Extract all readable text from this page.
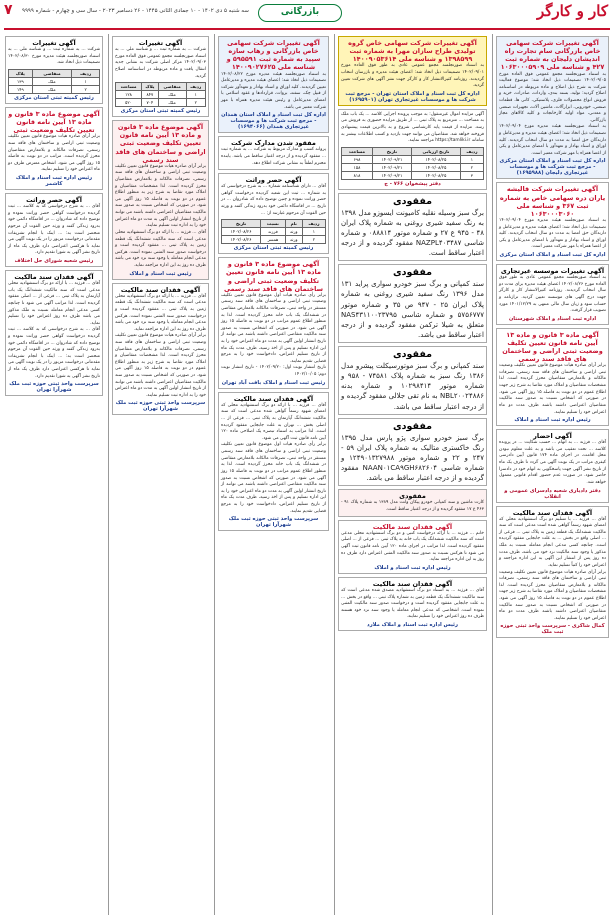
کار و کارگر
بازرگانی
۷ سه شنبه ۵ دی ۱۴۰۲ - ۱۰ جمادی الثانی ۱۴۴۵ - ۲۶ دسامبر ۲۰۲۳ - سال سی و چهارم - شماره ۹۹۹۹
آگهی تغییرات شرکت سهامی خاص بازرگانی سام تجارت راه اندیشان دلیجان به شماره ثبت ۴۲۷ و شناسه ملی ۱۰۶۳۰۰۰۵۹۰۹
به استناد صورتجلسه مجمع عمومی فوق العاده مورخ ۱۴۰۲/۰۹/۰۵ تصمیمات ذیل اتخاذ شد: موضوع فعالیت شرکت به شرح ذیل اصلاح و ماده مربوطه در اساسنامه اصلاح گردید: تولید، بسته بندی، واردات، صادرات، خرید و فروش انواع محصولات فلزی، پلاستیکی، کانی ها، قطعات صنعتی، خودرویی، ابزارآلات، ماشین آلات، تجهیزات صنعتی و معدنی، مواد اولیه کارخانجات و کلیه کالاهای مجاز بازرگانی.
به استناد صورتجلسه هیئت مدیره مورخ ۱۴۰۲/۰۹/۰۴ تصمیمات ذیل اتخاذ شد: اعضای هیئت مدیره و مدیرعامل و دارندگان حق امضا به مدت دو سال انتخاب گردیدند. کلیه اوراق و اسناد بهادار و تعهدآور با امضای مدیرعامل و یکی از اعضا همراه با مهر شرکت معتبر است.
اداره کل ثبت اسناد و املاک استان مرکزی - مرجع ثبت شرکت ها و موسسات غیرتجاری دلیجان (۱۶۹۵۹۸۸)
آگهی تغییرات شرکت قالیشه یاران دره سهامی خاص به شماره ثبت ۳۶۷ و شناسه ملی ۱۰۶۳۰۰۰۳۰۶۰
به استناد صورتجلسه هیئت مدیره مورخ ۱۴۰۲/۰۹/۰۴ تصمیمات ذیل اتخاذ شد: اعضای هیئت مدیره و مدیرعامل و دارندگان حق امضا به مدت دو سال انتخاب گردیدند. کلیه اوراق و اسناد بهادار و تعهدآور با امضای مدیرعامل و یکی از اعضا همراه با مهر شرکت معتبر است.
اداره کل ثبت اسناد و املاک استان مرکزی
آگهی تغییرات موسسه غیرتجاری
به استناد صورتجلسه مجمع عمومی عادی به طور فوق العاده مورخ ۱۴۰۲/۰۸/۲۶ اعضای هیئت مدیره برای مدت دو سال انتخاب گردیدند. روزنامه کثیرالانتشار کار و کارگر جهت درج آگهی های موسسه تعیین گردید. ترازنامه و حساب سود و زیان سال مالی منتهی به ۱۴۰۱/۱۲/۲۹ مورد تصویب قرار گرفت.
اداره ثبت اسناد و املاک شهرستان
آگهی ماده ۳ قانون و ماده ۱۳ آیین نامه قانون تعیین تکلیف وضعیت ثبتی اراضی و ساختمان های فاقد سند رسمی
برابر آرای صادره هیات موضوع قانون تعیین تکلیف وضعیت ثبتی اراضی و ساختمان های فاقد سند رسمی، تصرفات مالکانه و بلامعارض متقاضیان محرز گردیده است. لذا مشخصات متقاضیان و املاک مورد تقاضا به شرح زیر جهت اطلاع عموم در دو نوبت به فاصله ۱۵ روز آگهی می شود. در صورتی که اشخاص نسبت به صدور سند مالکیت متقاضیان اعتراضی داشته باشند ظرف مدت دو ماه اعتراض خود را تسلیم نمایند.
رئیس اداره ثبت اسناد و املاک
آگهی احضار
آقای ... فرزند ... به اتهام ... حسب شکایت ... در پرونده کلاسه ... تحت تعقیب می باشد و به علت معلوم نبودن محل اقامت، در اجرای ماده ۱۷۴ قانون آیین دادرسی کیفری مراتب در یک نوبت آگهی می گردد تا ظرف یک ماه از تاریخ نشر آگهی جهت پاسخگویی به اتهام خود در دادسرا حاضر شود. در صورت عدم حضور اقدام قانونی معمول خواهد شد.
دفتر دادیاری شعبه دادسرای عمومی و انقلاب
آگهی فقدان سند مالکیت
آقای ... فرزند ... با تسلیم دو برگ استشهادیه محلی که امضای شهود رسماً گواهی شده است مدعی است که سند مالکیت ششدانگ یک قطعه زمین به پلاک ثبتی ... فرعی از ... اصلی واقع در بخش ... به علت جابجایی مفقود گردیده است. چنانچه کسی مدعی انجام معامله نسبت به ملک مذکور یا وجود سند مالکیت نزد خود می باشد، ظرف مدت ده روز پس از انتشار این آگهی به این اداره مراجعه و اعتراض خود را کتباً تسلیم نماید.
برابر آرای صادره هیات موضوع قانون تعیین تکلیف وضعیت ثبتی اراضی و ساختمان های فاقد سند رسمی، تصرفات مالکانه و بلامعارض متقاضیان محرز گردیده است. لذا مشخصات متقاضیان و املاک مورد تقاضا به شرح زیر جهت اطلاع عموم در دو نوبت به فاصله ۱۵ روز آگهی می شود. در صورتی که اشخاص نسبت به صدور سند مالکیت متقاضیان اعتراضی داشته باشند ظرف مدت دو ماه اعتراض خود را تسلیم نمایند.
کمال شاکری - سرپرست واحد ثبتی حوزه ثبت ملک
آگهی تغییرات شرکت سهامی خاص گروه تولیدی طراح سازان مهرا به شماره ثبت ۱۳۹۸۵۹۹ و شناسه ملی ۱۴۰۰۹۰۵۳۶۱۴
به استناد صورتجلسه مجمع عمومی عادی به طور فوق العاده مورخ ۱۴۰۲/۰۹/۰۱ تصمیمات ذیل اتخاذ شد: اعضای هیئت مدیره و بازرسان انتخاب گردیدند. روزنامه کثیرالانتشار کار و کارگر جهت نشر آگهی های شرکت تعیین گردید.
اداره کل ثبت اسناد و املاک استان تهران - مرجع ثبت شرکت ها و موسسات غیرتجاری تهران (۱۶۹۵۹۰۱)
آگهی مزایده اموال غیرمنقول: به موجب پرونده اجرایی کلاسه ... یک باب ملک به مساحت ... مترمربع به پلاک ثبتی ... از طریق مزایده حضوری به فروش می رسد. مزایده از قیمت پایه کارشناسی شروع و به بالاترین قیمت پیشنهادی فروخته خواهد شد. متقاضیان می توانند جهت بازدید و کسب اطلاعات بیشتر به سامانه https://tamliki.ir مراجعه نمایند.
ردیف	تاریخ ارزیابی	تاریخ	مساحت
۱	۱۴۰۲/۰۸/۲۵	۱۴۰۲/۰۹/۲۱	۶۹۸
۲	۱۴۰۲/۰۸/۲۵	۱۴۰۲/۰۹/۲۱	۱۵۸
۳	۱۴۰۲/۰۸/۲۵	۱۴۰۲/۰۹/۲۱	۸۱۸
دفتر پیشخوان ۷۶۶ - ج
مفقودی
برگ سبز وسیله نقلیه کامیونت ایسوزو مدل ۱۳۹۸ به رنگ سفید شیری روغنی به شماره پلاک ایران ۴۸ - ۹۴۵ ع ۲۷ و شماره موتور ۰۸۸۸۱۴ و شماره شاسی NAZPL۴۰۳۴۸۷ مفقود گردیده و از درجه اعتبار ساقط است.
مفقودی
سند کمپانی و برگ سبز خودرو سواری پراید ۱۳۱ مدل ۱۳۹۶ رنگ سفید شیری روغنی به شماره پلاک ایران ۲۵ - ۹۴۷ ص ۳۵ و شماره موتور ۵۷۵۶۷۷۷ و شماره شاسی NAS۴۳۱۱۰۰۲۳۷۹۵ متعلق به شیلا ترکمن مفقود گردیده و از درجه اعتبار ساقط می باشد.
مفقودی
سند کمپانی و برگ سبز موتورسیکلت پیشرو مدل ۱۳۸۶ رنگ سبز به شماره پلاک ۷۴۵۸۱ - ۹۵۸ و شماره موتور ۱۰۲۹۸۴۱۴ و شماره بدنه NBL۲۰۰۲۴۸۸۶ به نام تقی جلالی مفقود گردیده و از درجه اعتبار ساقط می باشد.
مفقودی
برگ سبز خودرو سواری پژو پارس مدل ۱۳۹۵ رنگ خاکستری متالیک به شماره پلاک ایران ۵۹ - ۲۴۷ و ۲۲ و شماره موتور ۱۲۴۹۰۱۳۲۷۹۸۸ و شماره شاسی NAAN۰۱CA۹GH۶۸۲۶۰۴ مفقود گردیده و از درجه اعتبار ساقط می باشد.
مفقودی
کارت ماشین و سند کمپانی خودرو پیکان وانت مدل ۱۳۸۹ به شماره پلاک ۹۱ - ۴۶۳ ع ۱۷ مفقود گردیده و از درجه اعتبار ساقط است.
آگهی فقدان سند مالکیت
خانم ... فرزند ... با ارائه درخواست کتبی و دو برگ استشهادیه محلی مدعی است که سند مالکیت ششدانگ یک باب خانه به پلاک ثبتی ... فرعی از ... اصلی مفقود گردیده است. لذا مراتب در اجرای ماده ۱۲۰ آیین نامه قانون ثبت آگهی می شود تا هرکس نسبت به صدور سند مالکیت المثنی اعتراض دارد ظرف ده روز به این اداره مراجعه نماید.
رئیس اداره ثبت اسناد و املاک
آگهی فقدان سند مالکیت
آقای ... فرزند ... به استناد دو برگ استشهادیه مصدق شده مدعی است که سند مالکیت ششدانگ یک قطعه زمین به شماره پلاک ثبتی ... واقع در بخش ... به علت جابجایی مفقود گردیده است و درخواست صدور سند مالکیت المثنی نموده است. اشخاصی که مدعی انجام معامله یا وجود سند نزد خود هستند ظرف ده روز اعتراض خود را تسلیم نمایند.
رئیس اداره ثبت اسناد و املاک ملارد
آگهی تغییرات شرکت سهامی خاص بازرگانی و رهاب سازه سپید به شماره ثبت ۵۹۵۵۹۱ و شناسه ملی ۱۴۰۰۹۰۲۷۶۲۵
به استناد صورتجلسه هیئت مدیره مورخ ۱۴۰۲/۰۸/۲۲ تصمیمات ذیل اتخاذ شد: اعضای هیئت مدیره و مدیرعامل تعیین گردیدند. کلیه اوراق و اسناد بهادار و تعهدآور شرکت از قبیل چک، سفته، بروات، قراردادها و عقود اسلامی با امضای مدیرعامل و رئیس هیئت مدیره همراه با مهر شرکت معتبر می باشد.
اداره کل ثبت اسناد و املاک استان همدان - مرجع ثبت شرکت ها و موسسات غیرتجاری همدان (۱۶۹۴۰۶۶)
مفقود شدن مدارک شرکت
پروانه کسب و مدارک مربوط به شرکت ... به شماره ثبت ... مفقود گردیده و از درجه اعتبار ساقط می باشد. یابنده محترم لطفاً به نشانی شرکت اطلاع دهد.
آگهی حصر وراثت
آقای ... دارای شناسنامه شماره ... به شرح درخواستی که به شماره ... ثبت این شعبه گردیده درخواست گواهی حصر وراثت نموده و چنین توضیح داده که شادروان ... در تاریخ ... در اقامتگاه دائمی خود بدرود زندگی گفته و ورثه حین الفوت آن مرحوم عبارتند از: ...
ردیف	نام	نسبت	تاریخ
۱	ورثه	فرزند	۱۴۰۲/۰۸/۲۶
۲	ورثه	همسر	۱۴۰۲/۰۸/۲۶
رئیس کمیته ثبتی استان مرکزی
آگهی موضوع ماده ۳ قانون و ماده ۱۳ آیین نامه قانون تعیین تکلیف وضعیت ثبتی اراضی و ساختمان های فاقد سند رسمی
برابر رأی صادره هیات اول موضوع قانون تعیین تکلیف وضعیت ثبتی اراضی و ساختمان های فاقد سند رسمی مستقر در واحد ثبتی، تصرفات مالکانه بلامعارض متقاضی در ششدانگ یک باب خانه محرز گردیده است. لذا به منظور اطلاع عموم مراتب در دو نوبت به فاصله ۱۵ روز آگهی می شود. در صورتی که اشخاص نسبت به صدور سند مالکیت متقاضی اعتراضی داشته باشند می توانند از تاریخ انتشار اولین آگهی به مدت دو ماه اعتراض خود را به این اداره تسلیم و پس از اخذ رسید، ظرف مدت یک ماه از تاریخ تسلیم اعتراض، دادخواست خود را به مرجع قضایی تقدیم نمایند.
تاریخ انتشار نوبت اول: ۱۴۰۲/۰۹/۲۰ - تاریخ انتشار نوبت دوم: ۱۴۰۲/۱۰/۰۵
رئیس ثبت اسناد و املاک بافت آباد تهران
آگهی فقدان سند مالکیت
آقای ... فرزند ... با ارائه دو برگ استشهادیه محلی که امضای شهود رسماً گواهی شده مدعی است که سند مالکیت ششدانگ آپارتمان به پلاک ثبتی ... فرعی از ... اصلی بخش ... تهران به علت جابجایی مفقود گردیده است. لذا مراتب به استناد تبصره یک اصلاحی ماده ۱۲۰ آیین نامه قانون ثبت آگهی می شود.
برابر رأی صادره هیات اول موضوع قانون تعیین تکلیف وضعیت ثبتی اراضی و ساختمان های فاقد سند رسمی مستقر در واحد ثبتی، تصرفات مالکانه بلامعارض متقاضی در ششدانگ یک باب خانه محرز گردیده است. لذا به منظور اطلاع عموم مراتب در دو نوبت به فاصله ۱۵ روز آگهی می شود. در صورتی که اشخاص نسبت به صدور سند مالکیت متقاضی اعتراضی داشته باشند می توانند از تاریخ انتشار اولین آگهی به مدت دو ماه اعتراض خود را به این اداره تسلیم و پس از اخذ رسید، ظرف مدت یک ماه از تاریخ تسلیم اعتراض، دادخواست خود را به مرجع قضایی تقدیم نمایند.
سرپرست واحد ثبتی حوزه ثبت ملک شهرآرا تهران
آگهی تغییرات
شرکت ... به شماره ثبت ... و شناسه ملی ... به استناد صورتجلسه مجمع عمومی فوق العاده مورخ ۱۴۰۲/۰۹/۰۳ مرکز اصلی شرکت به نشانی جدید انتقال یافت و ماده مربوطه در اساسنامه اصلاح گردید.
ردیف	متقاضی	پلاک	مساحت
۱	ملک	۸۴۷	۱۲۸
۲	ملک	۷۰۴	۵۲۰
رئیس کمیته ثبتی استان مرکزی
آگهی موضوع ماده ۳ قانون و ماده ۱۳ آیین نامه قانون تعیین تکلیف وضعیت ثبتی اراضی و ساختمان های فاقد سند رسمی
برابر آرای صادره هیات موضوع قانون تعیین تکلیف وضعیت ثبتی اراضی و ساختمان های فاقد سند رسمی، تصرفات مالکانه و بلامعارض متقاضیان محرز گردیده است. لذا مشخصات متقاضیان و املاک مورد تقاضا به شرح زیر به منظور اطلاع عموم در دو نوبت به فاصله ۱۵ روز آگهی می شود. در صورتی که اشخاص نسبت به صدور سند مالکیت متقاضیان اعتراضی داشته باشند می توانند از تاریخ انتشار اولین آگهی به مدت دو ماه اعتراض خود را به اداره ثبت تسلیم نمایند.
آقای ... فرزند ... با ارائه دو برگ استشهادیه محلی مدعی است که سند مالکیت ششدانگ یک قطعه زمین به پلاک ثبتی ... مفقود گردیده است و درخواست صدور سند المثنی نموده است. هرکس مدعی انجام معامله یا وجود سند نزد خود می باشد ظرف ده روز به این اداره مراجعه نماید.
رئیس ثبت اسناد و املاک
آگهی فقدان سند مالکیت
آقای ... فرزند ... با ارائه دو برگ استشهادیه محلی مدعی است که سند مالکیت ششدانگ یک قطعه زمین به پلاک ثبتی ... مفقود گردیده است و درخواست صدور سند المثنی نموده است. هرکس مدعی انجام معامله یا وجود سند نزد خود می باشد ظرف ده روز به این اداره مراجعه نماید.
برابر آرای صادره هیات موضوع قانون تعیین تکلیف وضعیت ثبتی اراضی و ساختمان های فاقد سند رسمی، تصرفات مالکانه و بلامعارض متقاضیان محرز گردیده است. لذا مشخصات متقاضیان و املاک مورد تقاضا به شرح زیر به منظور اطلاع عموم در دو نوبت به فاصله ۱۵ روز آگهی می شود. در صورتی که اشخاص نسبت به صدور سند مالکیت متقاضیان اعتراضی داشته باشند می توانند از تاریخ انتشار اولین آگهی به مدت دو ماه اعتراض خود را به اداره ثبت تسلیم نمایند.
سرپرست واحد ثبتی حوزه ثبت ملک شهرآرا تهران
آگهی تغییرات
شرکت ... به شماره ثبت ... و شناسه ملی ... به استناد صورتجلسه هیئت مدیره مورخ ۱۴۰۲/۰۸/۳۰ تصمیمات ذیل اتخاذ شد.
ردیف	متقاضی	پلاک
۱	ملک	۱۳۹
۲	ملک	۱۴۹
رئیس کمیته ثبتی استان مرکزی
آگهی موضوع ماده ۳ قانون و ماده ۱۳ آیین نامه قانون تعیین تکلیف وضعیت ثبتی
برابر آرای صادره هیات موضوع قانون تعیین تکلیف وضعیت ثبتی اراضی و ساختمان های فاقد سند رسمی، تصرفات مالکانه و بلامعارض متقاضیان محرز گردیده است. مراتب در دو نوبت به فاصله ۱۵ روز آگهی می شود. اشخاص معترض ظرف دو ماه اعتراض خود را تسلیم نمایند.
رئیس اداره ثبت اسناد و املاک کاشمر
آگهی حصر وراثت
آقای ... به شرح درخواستی که به کلاسه ... ثبت گردیده درخواست گواهی حصر وراثت نموده و توضیح داده که شادروان ... در اقامتگاه دائمی خود بدرود زندگی گفته و ورثه حین الفوت آن مرحوم منحصر است به: ... اینک با انجام تشریفات مقدماتی درخواست مزبور را در یک نوبت آگهی می نماید تا هرکسی اعتراضی دارد ظرف یک ماه از تاریخ نشر آگهی به شورا تقدیم دارد.
رئیس شعبه شورای حل اختلاف
آگهی فقدان سند مالکیت
آقای ... فرزند ... با ارائه دو برگ استشهادیه محلی مدعی است که سند مالکیت ششدانگ یک باب آپارتمان به پلاک ثبتی ... فرعی از ... اصلی مفقود گردیده است. لذا مراتب آگهی می شود تا چنانچه کسی مدعی انجام معامله نسبت به ملک مذکور می باشد ظرف ده روز اعتراض خود را تسلیم نماید.
آقای ... به شرح درخواستی که به کلاسه ... ثبت گردیده درخواست گواهی حصر وراثت نموده و توضیح داده که شادروان ... در اقامتگاه دائمی خود بدرود زندگی گفته و ورثه حین الفوت آن مرحوم منحصر است به: ... اینک با انجام تشریفات مقدماتی درخواست مزبور را در یک نوبت آگهی می نماید تا هرکسی اعتراضی دارد ظرف یک ماه از تاریخ نشر آگهی به شورا تقدیم دارد.
سرپرست واحد ثبتی حوزه ثبت ملک شهرآرا تهران
